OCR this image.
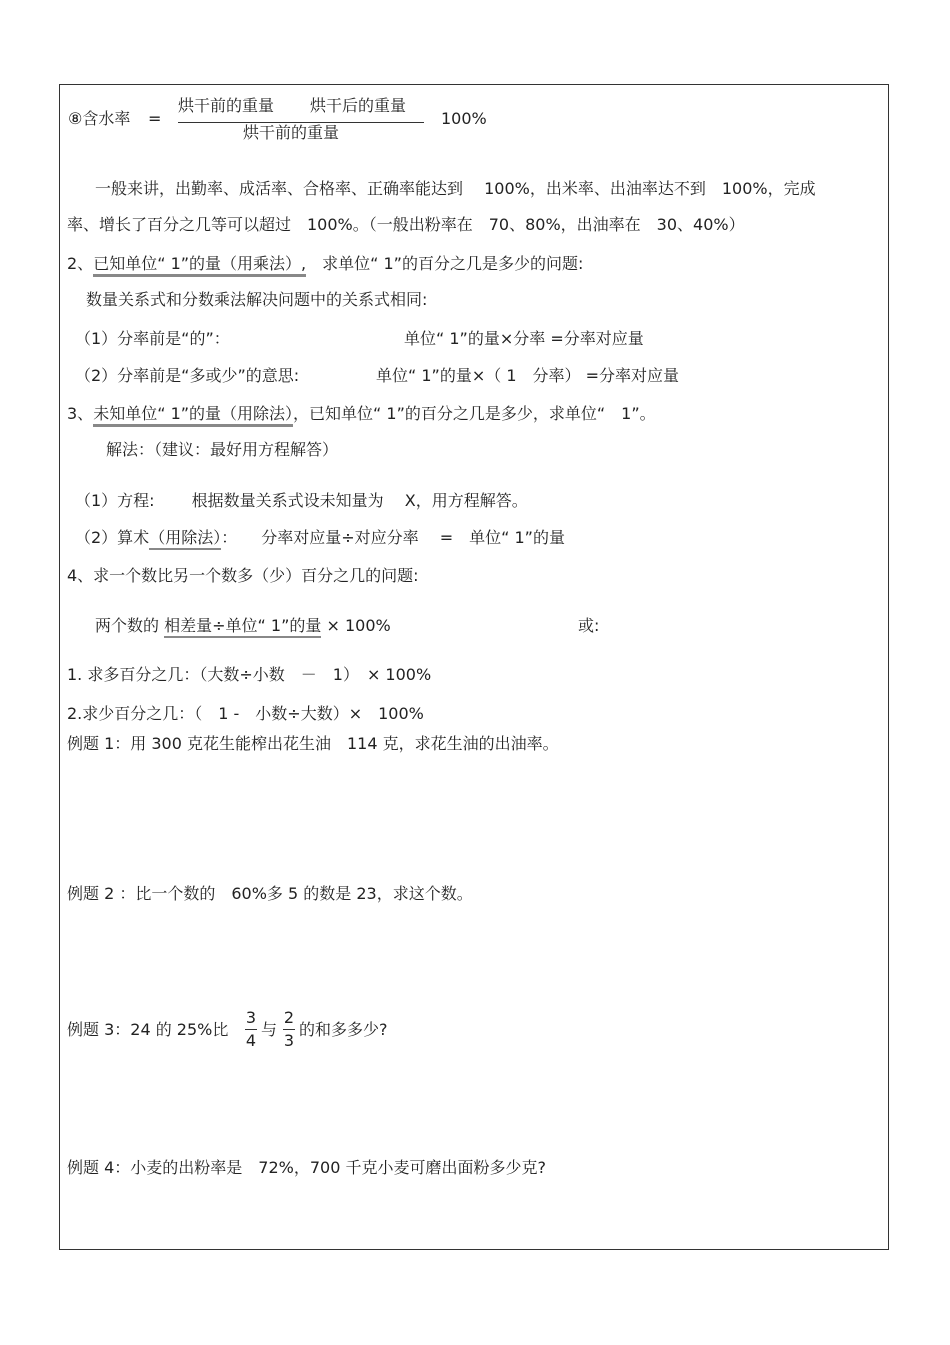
⑧含水率 =
烘干前的重量 烘干后的重量
烘干前的重量
100%
一般来讲，出勤率、成活率、合格率、正确率能达到　 100%，出米率、出油率达不到　100%，完成
率、增长了百分之几等可以超过　100%。（一般出粉率在　70、80%，出油率在　30、40%）
2、已知单位“ 1”的量（用乘法）,　求单位“ 1”的百分之几是多少的问题:
数量关系式和分数乘法解决问题中的关系式相同:
（1）分率前是“的”：	单位“ 1”的量×分率 =分率对应量
（2）分率前是“多或少”的意思:	单位“ 1”的量×（ 1　分率） =分率对应量
3、未知单位“ 1”的量（用除法），已知单位“ 1”的百分之几是多少，求单位“　1”。
解法：（建议：最好用方程解答）
（1）方程:　　 根据数量关系式设未知量为　 X，用方程解答。
（2）算术（用除法）：　　分率对应量÷对应分率　 =　单位“ 1”的量
4、求一个数比另一个数多（少）百分之几的问题:
两个数的 相差量÷单位“ 1”的量 × 100%	或:
1. 求多百分之几：（大数÷小数　－　1）　× 100%
2.求少百分之几：（　1 -　小数÷大数）×　100%
例题 1：用 300 克花生能榨出花生油　114 克，求花生油的出油率。
例题 2 ：比一个数的　60%多 5 的数是 23，求这个数。
例题 3：24 的 25%比
3
4
与
2
3
的和多多少?
例题 4：小麦的出粉率是　72%，700 千克小麦可磨出面粉多少克?
